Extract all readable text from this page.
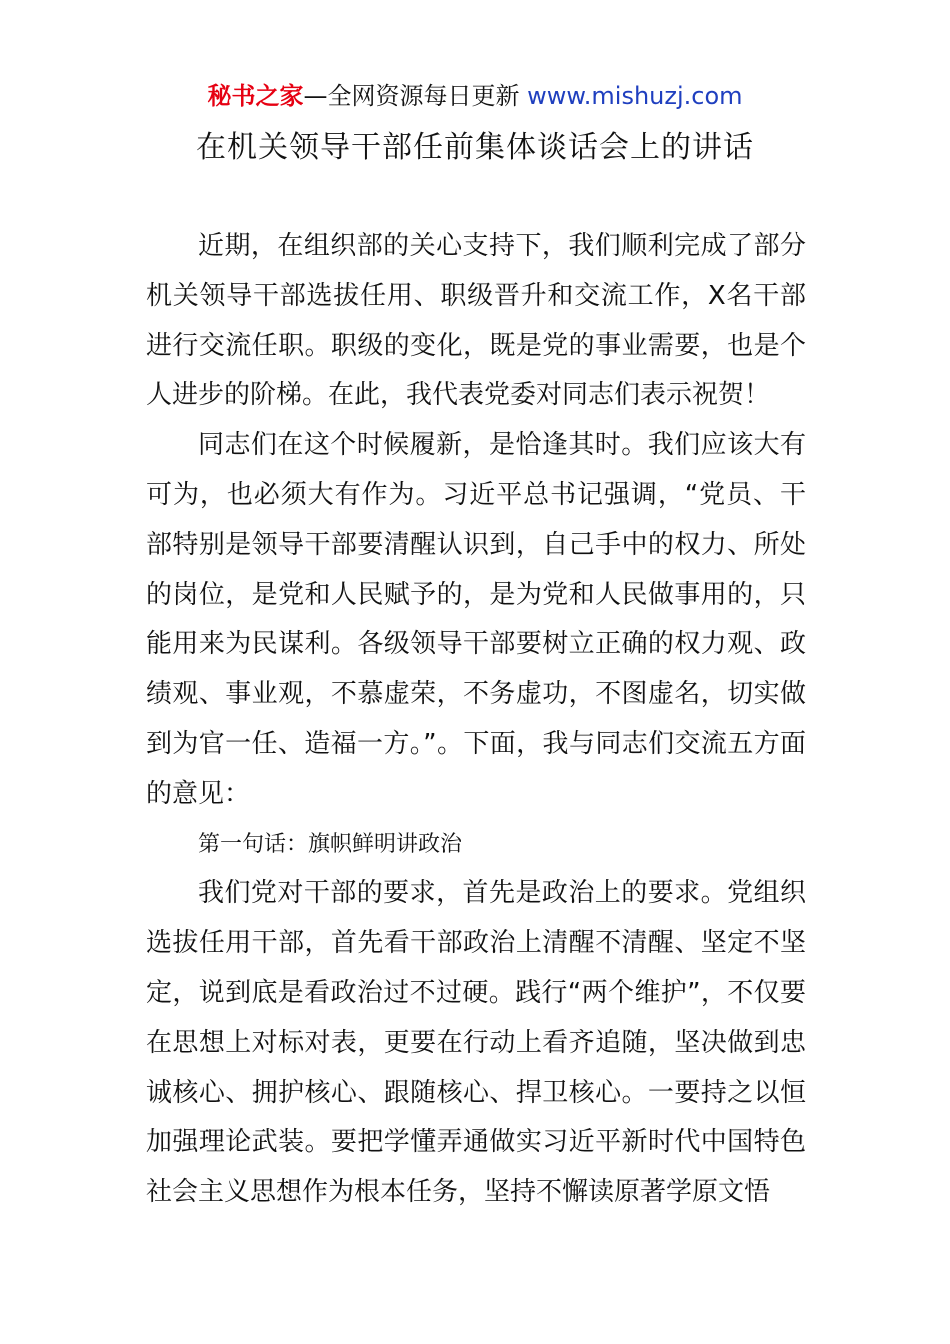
秘书之家—全网资源每日更新 www.mishuzj.com
在机关领导干部任前集体谈话会上的讲话

近期，在组织部的关心支持下，我们顺利完成了部分机关领导干部选拔任用、职级晋升和交流工作，X名干部进行交流任职。职级的变化，既是党的事业需要，也是个人进步的阶梯。在此，我代表党委对同志们表示祝贺！

同志们在这个时候履新，是恰逢其时。我们应该大有可为，也必须大有作为。习近平总书记强调，“党员、干部特别是领导干部要清醒认识到，自己手中的权力、所处的岗位，是党和人民赋予的，是为党和人民做事用的，只能用来为民谋利。各级领导干部要树立正确的权力观、政绩观、事业观，不慕虚荣，不务虚功，不图虚名，切实做到为官一任、造福一方。”。下面，我与同志们交流五方面的意见：

第一句话：旗帜鲜明讲政治

我们党对干部的要求，首先是政治上的要求。党组织选拔任用干部，首先看干部政治上清醒不清醒、坚定不坚定，说到底是看政治过不过硬。践行“两个维护”，不仅要在思想上对标对表，更要在行动上看齐追随，坚决做到忠诚核心、拥护核心、跟随核心、捍卫核心。一要持之以恒加强理论武装。要把学懂弄通做实习近平新时代中国特色社会主义思想作为根本任务，坚持不懈读原著学原文悟
